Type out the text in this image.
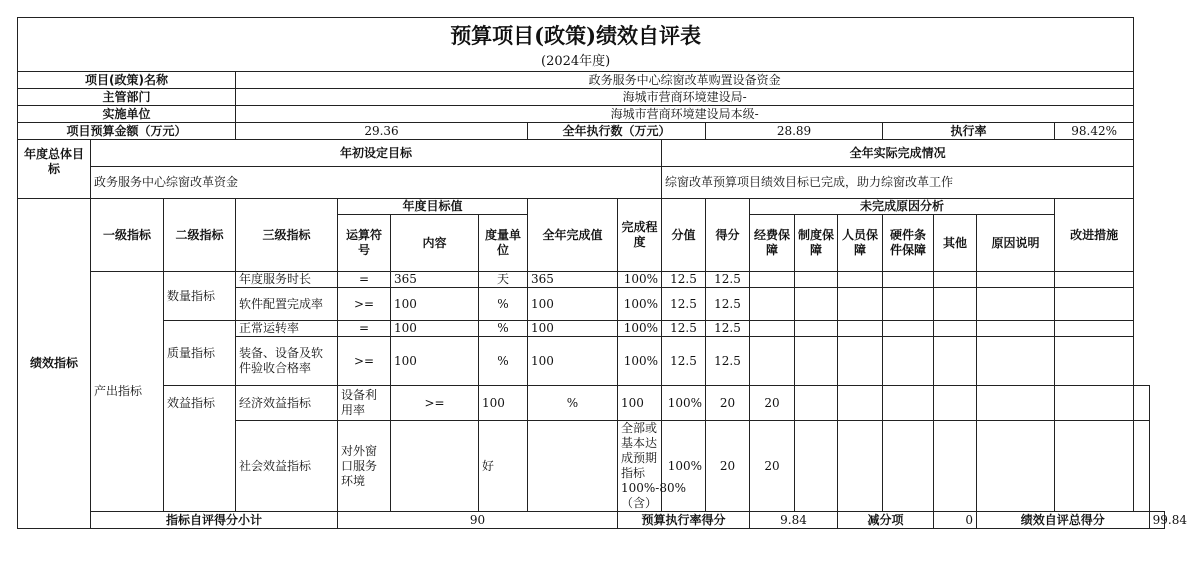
预算项目(政策)绩效自评表
(2024年度)																			

项目(政策)名称			政务服务中心综窗改革购置设备资金																
主管部门			海城市营商环境建设局-																
实施单位			海城市营商环境建设局本级-																
项目预算金额（万元）			29.36				全年执行数（万元）			28.89				执行率			98.42%		
年度总体目标	年初设定目标								全年实际完成情况										
	政务服务中心综窗改革资金								综窗改革预算项目绩效目标已完成，助力综窗改革工作										
绩效指标	一级指标	二级指标	三级指标	年度目标值			全年完成值	完成程度	分值	得分	未完成原因分析						改进措施		
				运算符号	内容	度量单位					经费保障	制度保障	人员保障	硬件条件保障	其他	原因说明			
	产出指标	数量指标	年度服务时长	=	365	天	365	100%	12.5	12.5									
			软件配置完成率	>=	100	%	100	100%	12.5	12.5									
		质量指标	正常运转率	=	100	%	100	100%	12.5	12.5									
			装备、设备及软件验收合格率	>=	100	%	100	100%	12.5	12.5									
		效益指标	经济效益指标	设备利用率	>=	100	%	100	100%	20	20								
			社会效益指标	对外窗口服务环境		好		全部或基本达成预期指标100%-80%（含）	100%	20	20								
	指标自评得分小计			90				预算执行率得分			9.84		减分项		0	绩效自评总得分			99.84
